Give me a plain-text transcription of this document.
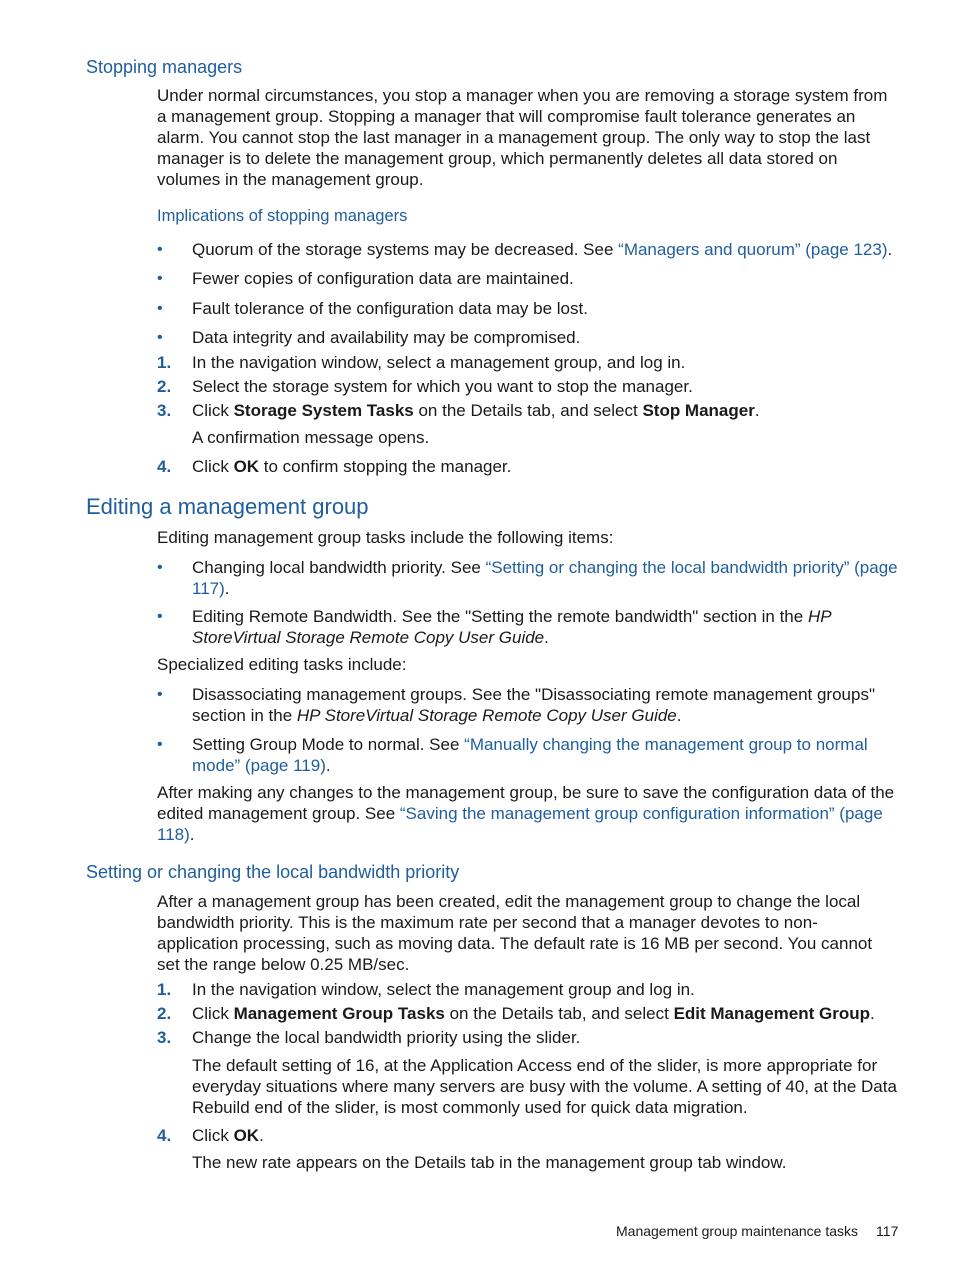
Stopping managers
Under normal circumstances, you stop a manager when you are removing a storage system from a management group. Stopping a manager that will compromise fault tolerance generates an alarm. You cannot stop the last manager in a management group. The only way to stop the last manager is to delete the management group, which permanently deletes all data stored on volumes in the management group.
Implications of stopping managers
•	Quorum of the storage systems may be decreased. See “Managers and quorum” (page 123).
•	Fewer copies of configuration data are maintained.
•	Fault tolerance of the configuration data may be lost.
•	Data integrity and availability may be compromised.
1.	In the navigation window, select a management group, and log in.
2.	Select the storage system for which you want to stop the manager.
3.	Click Storage System Tasks on the Details tab, and select Stop Manager.
A confirmation message opens.
4.	Click OK to confirm stopping the manager.
Editing a management group
Editing management group tasks include the following items:
•	Changing local bandwidth priority. See “Setting or changing the local bandwidth priority” (page 117).
•	Editing Remote Bandwidth. See the "Setting the remote bandwidth" section in the HP StoreVirtual Storage Remote Copy User Guide.
Specialized editing tasks include:
•	Disassociating management groups. See the "Disassociating remote management groups" section in the HP StoreVirtual Storage Remote Copy User Guide.
•	Setting Group Mode to normal. See “Manually changing the management group to normal mode” (page 119).
After making any changes to the management group, be sure to save the configuration data of the edited management group. See “Saving the management group configuration information” (page 118).
Setting or changing the local bandwidth priority
After a management group has been created, edit the management group to change the local bandwidth priority. This is the maximum rate per second that a manager devotes to non-application processing, such as moving data. The default rate is 16 MB per second. You cannot set the range below 0.25 MB/sec.
1.	In the navigation window, select the management group and log in.
2.	Click Management Group Tasks on the Details tab, and select Edit Management Group.
3.	Change the local bandwidth priority using the slider.
The default setting of 16, at the Application Access end of the slider, is more appropriate for everyday situations where many servers are busy with the volume. A setting of 40, at the Data Rebuild end of the slider, is most commonly used for quick data migration.
4.	Click OK.
The new rate appears on the Details tab in the management group tab window.
Management group maintenance tasks 117
